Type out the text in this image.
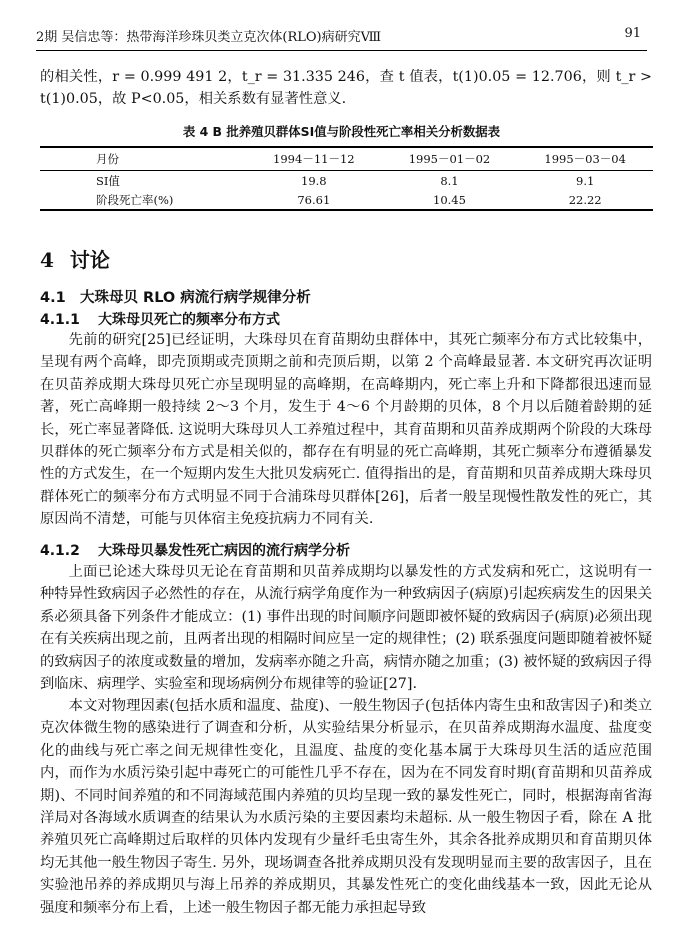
2期 吴信忠等：热带海洋珍珠贝类立克次体(RLO)病研究Ⅷ	91

的相关性，r = 0.999 491 2，t_r = 31.335 246，查 t 值表，t(1)0.05 = 12.706，则 t_r > t(1)0.05，故 P<0.05，相关系数有显著性意义.

表 4 B 批养殖贝群体SI值与阶段性死亡率相关分析数据表
月份	1994－11－12	1995－01－02	1995－03－04
SI值	19.8	8.1	9.1
阶段死亡率(%)	76.61	10.45	22.22
4 讨论
4.1 大珠母贝 RLO 病流行病学规律分析
4.1.1 大珠母贝死亡的频率分布方式

先前的研究[25]已经证明，大珠母贝在育苗期幼虫群体中，其死亡频率分布方式比较集中，呈现有两个高峰，即壳顶期或壳顶期之前和壳顶后期，以第 2 个高峰最显著. 本文研究再次证明在贝苗养成期大珠母贝死亡亦呈现明显的高峰期，在高峰期内，死亡率上升和下降都很迅速而显著，死亡高峰期一般持续 2～3 个月，发生于 4～6 个月龄期的贝体，8 个月以后随着龄期的延长，死亡率显著降低. 这说明大珠母贝人工养殖过程中，其育苗期和贝苗养成期两个阶段的大珠母贝群体的死亡频率分布方式是相关似的，都存在有明显的死亡高峰期，其死亡频率分布遵循暴发性的方式发生，在一个短期内发生大批贝发病死亡. 值得指出的是，育苗期和贝苗养成期大珠母贝群体死亡的频率分布方式明显不同于合浦珠母贝群体[26]，后者一般呈现慢性散发性的死亡，其原因尚不清楚，可能与贝体宿主免疫抗病力不同有关.

4.1.2 大珠母贝暴发性死亡病因的流行病学分析

上面已论述大珠母贝无论在育苗期和贝苗养成期均以暴发性的方式发病和死亡，这说明有一种特异性致病因子必然性的存在，从流行病学角度作为一种致病因子(病原)引起疾病发生的因果关系必须具备下列条件才能成立：(1) 事件出现的时间顺序问题即被怀疑的致病因子(病原)必须出现在有关疾病出现之前，且两者出现的相隔时间应呈一定的规律性；(2) 联系强度问题即随着被怀疑的致病因子的浓度或数量的增加，发病率亦随之升高，病情亦随之加重；(3) 被怀疑的致病因子得到临床、病理学、实验室和现场病例分布规律等的验证[27].

本文对物理因素(包括水质和温度、盐度)、一般生物因子(包括体内寄生虫和敌害因子)和类立克次体微生物的感染进行了调查和分析，从实验结果分析显示，在贝苗养成期海水温度、盐度变化的曲线与死亡率之间无规律性变化，且温度、盐度的变化基本属于大珠母贝生活的适应范围内，而作为水质污染引起中毒死亡的可能性几乎不存在，因为在不同发育时期(育苗期和贝苗养成期)、不同时间养殖的和不同海域范围内养殖的贝均呈现一致的暴发性死亡，同时，根据海南省海洋局对各海域水质调查的结果认为水质污染的主要因素均未超标. 从一般生物因子看，除在 A 批养殖贝死亡高峰期过后取样的贝体内发现有少量纤毛虫寄生外，其余各批养成期贝和育苗期贝体均无其他一般生物因子寄生. 另外，现场调查各批养成期贝没有发现明显而主要的敌害因子，且在实验池吊养的养成期贝与海上吊养的养成期贝，其暴发性死亡的变化曲线基本一致，因此无论从强度和频率分布上看，上述一般生物因子都无能力承担起导致
